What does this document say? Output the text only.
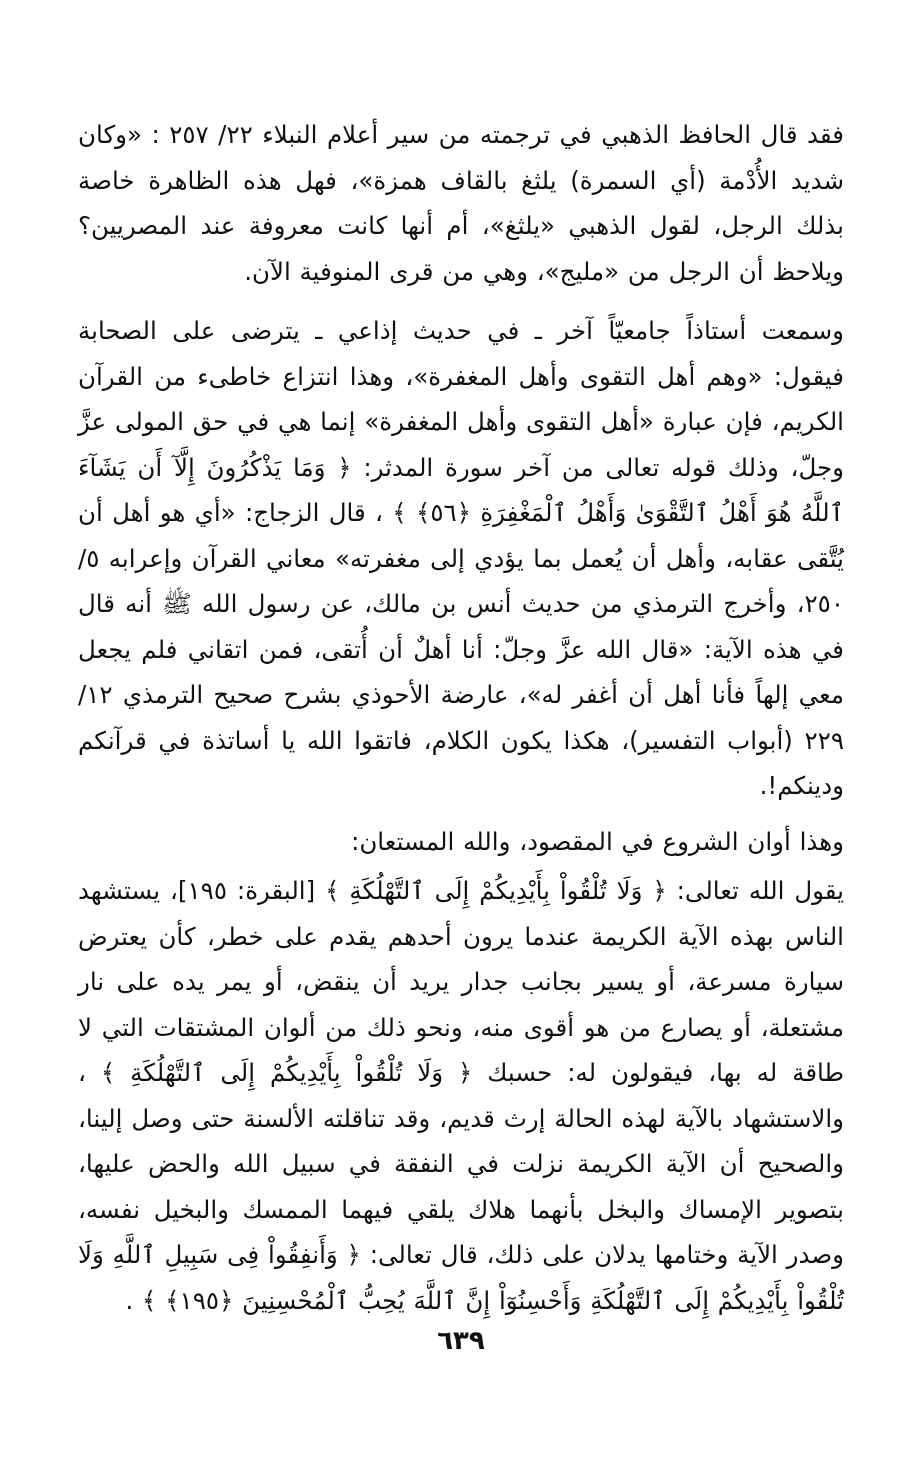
فقد قال الحافظ الذهبي في ترجمته من سير أعلام النبلاء ٢٢/ ٢٥٧ : «وكان شديد الأُدْمة (أي السمرة) يلثغ بالقاف همزة»، فهل هذه الظاهرة خاصة بذلك الرجل، لقول الذهبي «يلثغ»، أم أنها كانت معروفة عند المصريين؟ ويلاحظ أن الرجل من «مليج»، وهي من قرى المنوفية الآن.

وسمعت أستاذاً جامعيّاً آخر ـ في حديث إذاعي ـ يترضى على الصحابة فيقول: «وهم أهل التقوى وأهل المغفرة»، وهذا انتزاع خاطىء من القرآن الكريم، فإن عبارة «أهل التقوى وأهل المغفرة» إنما هي في حق المولى عزَّ وجلّ، وذلك قوله تعالى من آخر سورة المدثر: ﴿ وَمَا يَذْكُرُونَ إِلَّآ أَن يَشَآءَ ٱللَّهُ هُوَ أَهْلُ ٱلتَّقْوَىٰ وَأَهْلُ ٱلْمَغْفِرَةِ ﴿٥٦﴾ ﴾ ، قال الزجاج: «أي هو أهل أن يُتَّقى عقابه، وأهل أن يُعمل بما يؤدي إلى مغفرته» معاني القرآن وإعرابه ٥/ ٢٥٠، وأخرج الترمذي من حديث أنس بن مالك، عن رسول الله ﷺ أنه قال في هذه الآية: «قال الله عزَّ وجلّ: أنا أهلٌ أن أُتقى، فمن اتقاني فلم يجعل معي إلهاً فأنا أهل أن أغفر له»، عارضة الأحوذي بشرح صحيح الترمذي ١٢/ ٢٢٩ (أبواب التفسير)، هكذا يكون الكلام، فاتقوا الله يا أساتذة في قرآنكم ودينكم!.

وهذا أوان الشروع في المقصود، والله المستعان:

يقول الله تعالى: ﴿ وَلَا تُلْقُواْ بِأَيْدِيكُمْ إِلَى ٱلتَّهْلُكَةِ ﴾ [البقرة: ١٩٥]، يستشهد الناس بهذه الآية الكريمة عندما يرون أحدهم يقدم على خطر، كأن يعترض سيارة مسرعة، أو يسير بجانب جدار يريد أن ينقض، أو يمر يده على نار مشتعلة، أو يصارع من هو أقوى منه، ونحو ذلك من ألوان المشتقات التي لا طاقة له بها، فيقولون له: حسبك ﴿ وَلَا تُلْقُواْ بِأَيْدِيكُمْ إِلَى ٱلتَّهْلُكَةِ ﴾ ، والاستشهاد بالآية لهذه الحالة إرث قديم، وقد تناقلته الألسنة حتى وصل إلينا، والصحيح أن الآية الكريمة نزلت في النفقة في سبيل الله والحض عليها، بتصوير الإمساك والبخل بأنهما هلاك يلقي فيهما الممسك والبخيل نفسه، وصدر الآية وختامها يدلان على ذلك، قال تعالى: ﴿ وَأَنفِقُواْ فِى سَبِيلِ ٱللَّهِ وَلَا تُلْقُواْ بِأَيْدِيكُمْ إِلَى ٱلتَّهْلُكَةِ وَأَحْسِنُوٓاْ إِنَّ ٱللَّهَ يُحِبُّ ٱلْمُحْسِنِينَ ﴿١٩٥﴾ ﴾ .

٦٣٩
